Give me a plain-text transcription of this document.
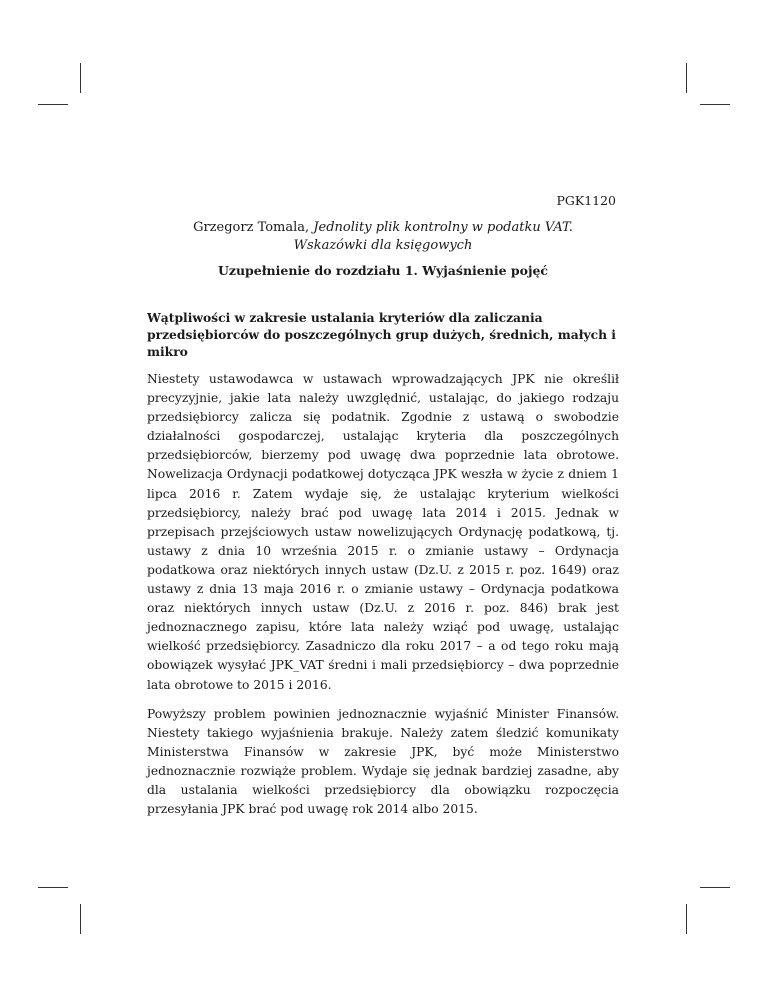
PGK1120
Grzegorz Tomala, Jednolity plik kontrolny w podatku VAT.
Wskazówki dla księgowych
Uzupełnienie do rozdziału 1. Wyjaśnienie pojęć
Wątpliwości w zakresie ustalania kryteriów dla zaliczania przedsiębiorców do poszczególnych grup dużych, średnich, małych i mikro
Niestety ustawodawca w ustawach wprowadzających JPK nie określił precyzyjnie, jakie lata należy uwzględnić, ustalając, do jakiego rodzaju przedsiębiorcy zalicza się podatnik. Zgodnie z ustawą o swobodzie działalności gospodarczej, ustalając kryteria dla poszczególnych przedsiębiorców, bierzemy pod uwagę dwa poprzednie lata obrotowe. Nowelizacja Ordynacji podatkowej dotycząca JPK weszła w życie z dniem 1 lipca 2016 r. Zatem wydaje się, że ustalając kryterium wielkości przedsiębiorcy, należy brać pod uwagę lata 2014 i 2015. Jednak w przepisach przejściowych ustaw nowelizujących Ordynację podatkową, tj. ustawy z dnia 10 września 2015 r. o zmianie ustawy – Ordynacja podatkowa oraz niektórych innych ustaw (Dz.U. z 2015 r. poz. 1649) oraz ustawy z dnia 13 maja 2016 r. o zmianie ustawy – Ordynacja podatkowa oraz niektórych innych ustaw (Dz.U. z 2016 r. poz. 846) brak jest jednoznacznego zapisu, które lata należy wziąć pod uwagę, ustalając wielkość przedsiębiorcy. Zasadniczo dla roku 2017 – a od tego roku mają obowiązek wysyłać JPK_VAT średni i mali przedsiębiorcy – dwa poprzednie lata obrotowe to 2015 i 2016.
Powyższy problem powinien jednoznacznie wyjaśnić Minister Finansów. Niestety takiego wyjaśnienia brakuje. Należy zatem śledzić komunikaty Ministerstwa Finansów w zakresie JPK, być może Ministerstwo jednoznacznie rozwiąże problem. Wydaje się jednak bardziej zasadne, aby dla ustalania wielkości przedsiębiorcy dla obowiązku rozpoczęcia przesyłania JPK brać pod uwagę rok 2014 albo 2015.
